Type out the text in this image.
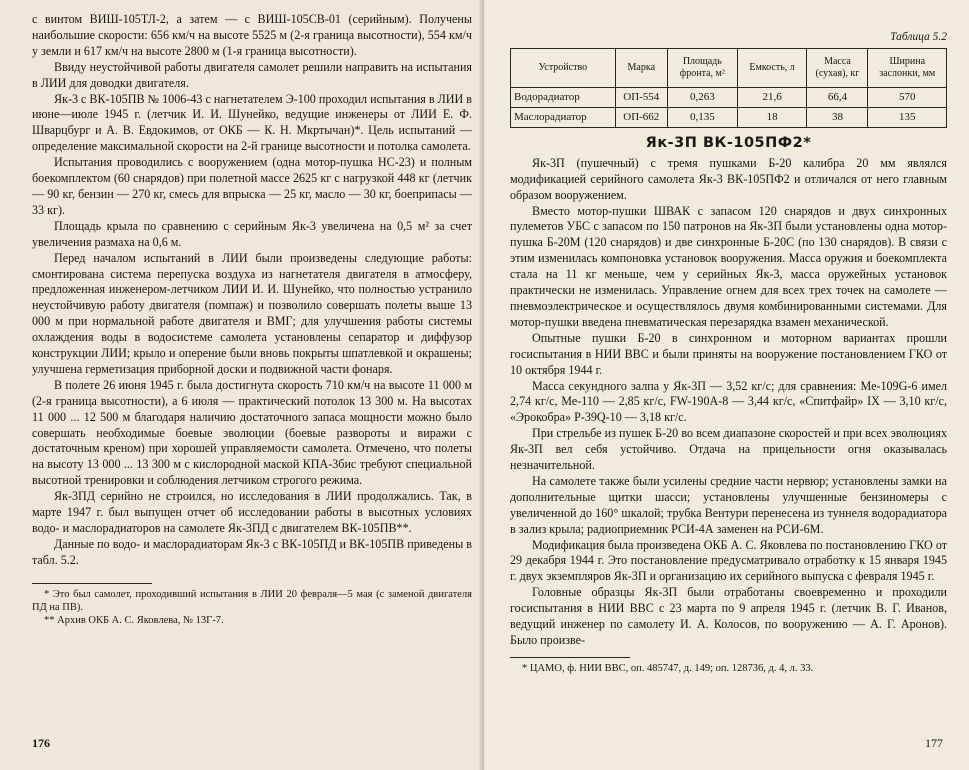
с винтом ВИШ-105ТЛ-2, а затем — с ВИШ-105СВ-01 (серийным). Получены наибольшие скорости: 656 км/ч на высоте 5525 м (2-я граница высотности), 554 км/ч у земли и 617 км/ч на высоте 2800 м (1-я граница высотности).

Ввиду неустойчивой работы двигателя самолет решили направить на испытания в ЛИИ для доводки двигателя.

Як-3 с ВК-105ПВ № 1006-43 с нагнетателем Э-100 проходил испытания в ЛИИ в июне—июле 1945 г. (летчик И. И. Шунейко, ведущие инженеры от ЛИИ Е. Ф. Шварцбург и А. В. Евдокимов, от ОКБ — К. Н. Мкртычан)*. Цель испытаний — определение максимальной скорости на 2-й границе высотности и потолка самолета.

Испытания проводились с вооружением (одна мотор-пушка НС-23) и полным боекомплектом (60 снарядов) при полетной массе 2625 кг с нагрузкой 448 кг (летчик — 90 кг, бензин — 270 кг, смесь для впрыска — 25 кг, масло — 30 кг, боеприпасы — 33 кг).

Площадь крыла по сравнению с серийным Як-3 увеличена на 0,5 м² за счет увеличения размаха на 0,6 м.

Перед началом испытаний в ЛИИ были произведены следующие работы: смонтирована система перепуска воздуха из нагнетателя двигателя в атмосферу, предложенная инженером-летчиком ЛИИ И. И. Шунейко, что полностью устранило неустойчивую работу двигателя (помпаж) и позволило совершать полеты выше 13 000 м при нормальной работе двигателя и ВМГ; для улучшения работы системы охлаждения воды в водосистеме самолета установлены сепаратор и диффузор конструкции ЛИИ; крыло и оперение были вновь покрыты шпатлевкой и окрашены; улучшена герметизация приборной доски и подвижной части фонаря.

В полете 26 июня 1945 г. была достигнута скорость 710 км/ч на высоте 11 000 м (2-я граница высотности), а 6 июля — практический потолок 13 300 м. На высотах 11 000 ... 12 500 м благодаря наличию достаточного запаса мощности можно было совершать необходимые боевые эволюции (боевые развороты и виражи с достаточным креном) при хорошей управляемости самолета. Отмечено, что полеты на высоту 13 000 ... 13 300 м с кислородной маской КПА-3бис требуют специальной высотной тренировки и соблюдения летчиком строгого режима.

Як-3ПД серийно не строился, но исследования в ЛИИ продолжались. Так, в марте 1947 г. был выпущен отчет об исследовании работы в высотных условиях водо- и маслорадиаторов на самолете Як-3ПД с двигателем ВК-105ПВ**.

Данные по водо- и маслорадиаторам Як-3 с ВК-105ПД и ВК-105ПВ приведены в табл. 5.2.

* Это был самолет, проходивший испытания в ЛИИ 20 февраля—5 мая (с заменой двигателя ПД на ПВ).

** Архив ОКБ А. С. Яковлева, № 13Г-7.

176
Таблица 5.2
Устройство	Марка	Площадь фронта, м²	Емкость, л	Масса (сухая), кг	Ширина заслонки, мм
Водорадиатор	ОП-554	0,263	21,6	66,4	570
Маслорадиатор	ОП-662	0,135	18	38	135
Як-3П ВК-105ПФ2*

Як-3П (пушечный) с тремя пушками Б-20 калибра 20 мм являлся модификацией серийного самолета Як-3 ВК-105ПФ2 и отличался от него главным образом вооружением.

Вместо мотор-пушки ШВАК с запасом 120 снарядов и двух синхронных пулеметов УБС с запасом по 150 патронов на Як-3П были установлены одна мотор-пушка Б-20М (120 снарядов) и две синхронные Б-20С (по 130 снарядов). В связи с этим изменилась компоновка установок вооружения. Масса оружия и боекомплекта стала на 11 кг меньше, чем у серийных Як-3, масса оружейных установок практически не изменилась. Управление огнем для всех трех точек на самолете — пневмоэлектрическое и осуществлялось двумя комбинированными системами. Для мотор-пушки введена пневматическая перезарядка взамен механической.

Опытные пушки Б-20 в синхронном и моторном вариантах прошли госиспытания в НИИ ВВС и были приняты на вооружение постановлением ГКО от 10 октября 1944 г.

Масса секундного залпа у Як-3П — 3,52 кг/с; для сравнения: Ме-109G-6 имел 2,74 кг/с, Ме-110 — 2,85 кг/с, FW-190А-8 — 3,44 кг/с, «Спитфайр» IX — 3,10 кг/с, «Эрокобра» Р-39Q-10 — 3,18 кг/с.

При стрельбе из пушек Б-20 во всем диапазоне скоростей и при всех эволюциях Як-3П вел себя устойчиво. Отдача на прицельности огня оказывалась незначительной.

На самолете также были усилены средние части нервюр; установлены замки на дополнительные щитки шасси; установлены улучшенные бензиномеры с увеличенной до 160° шкалой; трубка Вентури перенесена из туннеля водорадиатора в зализ крыла; радиоприемник РСИ-4А заменен на РСИ-6М.

Модификация была произведена ОКБ А. С. Яковлева по постановлению ГКО от 29 декабря 1944 г. Это постановление предусматривало отработку к 15 января 1945 г. двух экземпляров Як-3П и организацию их серийного выпуска с февраля 1945 г.

Головные образцы Як-3П были отработаны своевременно и проходили госиспытания в НИИ ВВС с 23 марта по 9 апреля 1945 г. (летчик В. Г. Иванов, ведущий инженер по самолету И. А. Колосов, по вооружению — А. Г. Аронов). Было произве-

* ЦАМО, ф. НИИ ВВС, оп. 485747, д. 149; оп. 128736, д. 4, л. 33.

177
